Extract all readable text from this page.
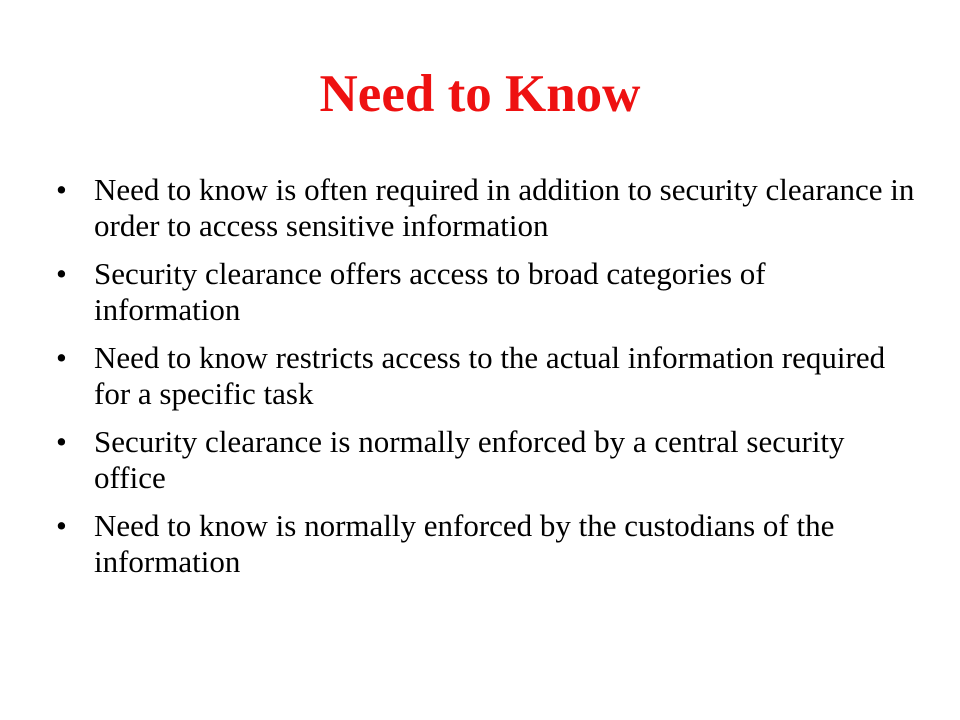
Need to Know
• Need to know is often required in addition to security clearance in order to access sensitive information
• Security clearance offers access to broad categories of information
• Need to know restricts access to the actual information required for a specific task
• Security clearance is normally enforced by a central security office
• Need to know is normally enforced by the custodians of the information
